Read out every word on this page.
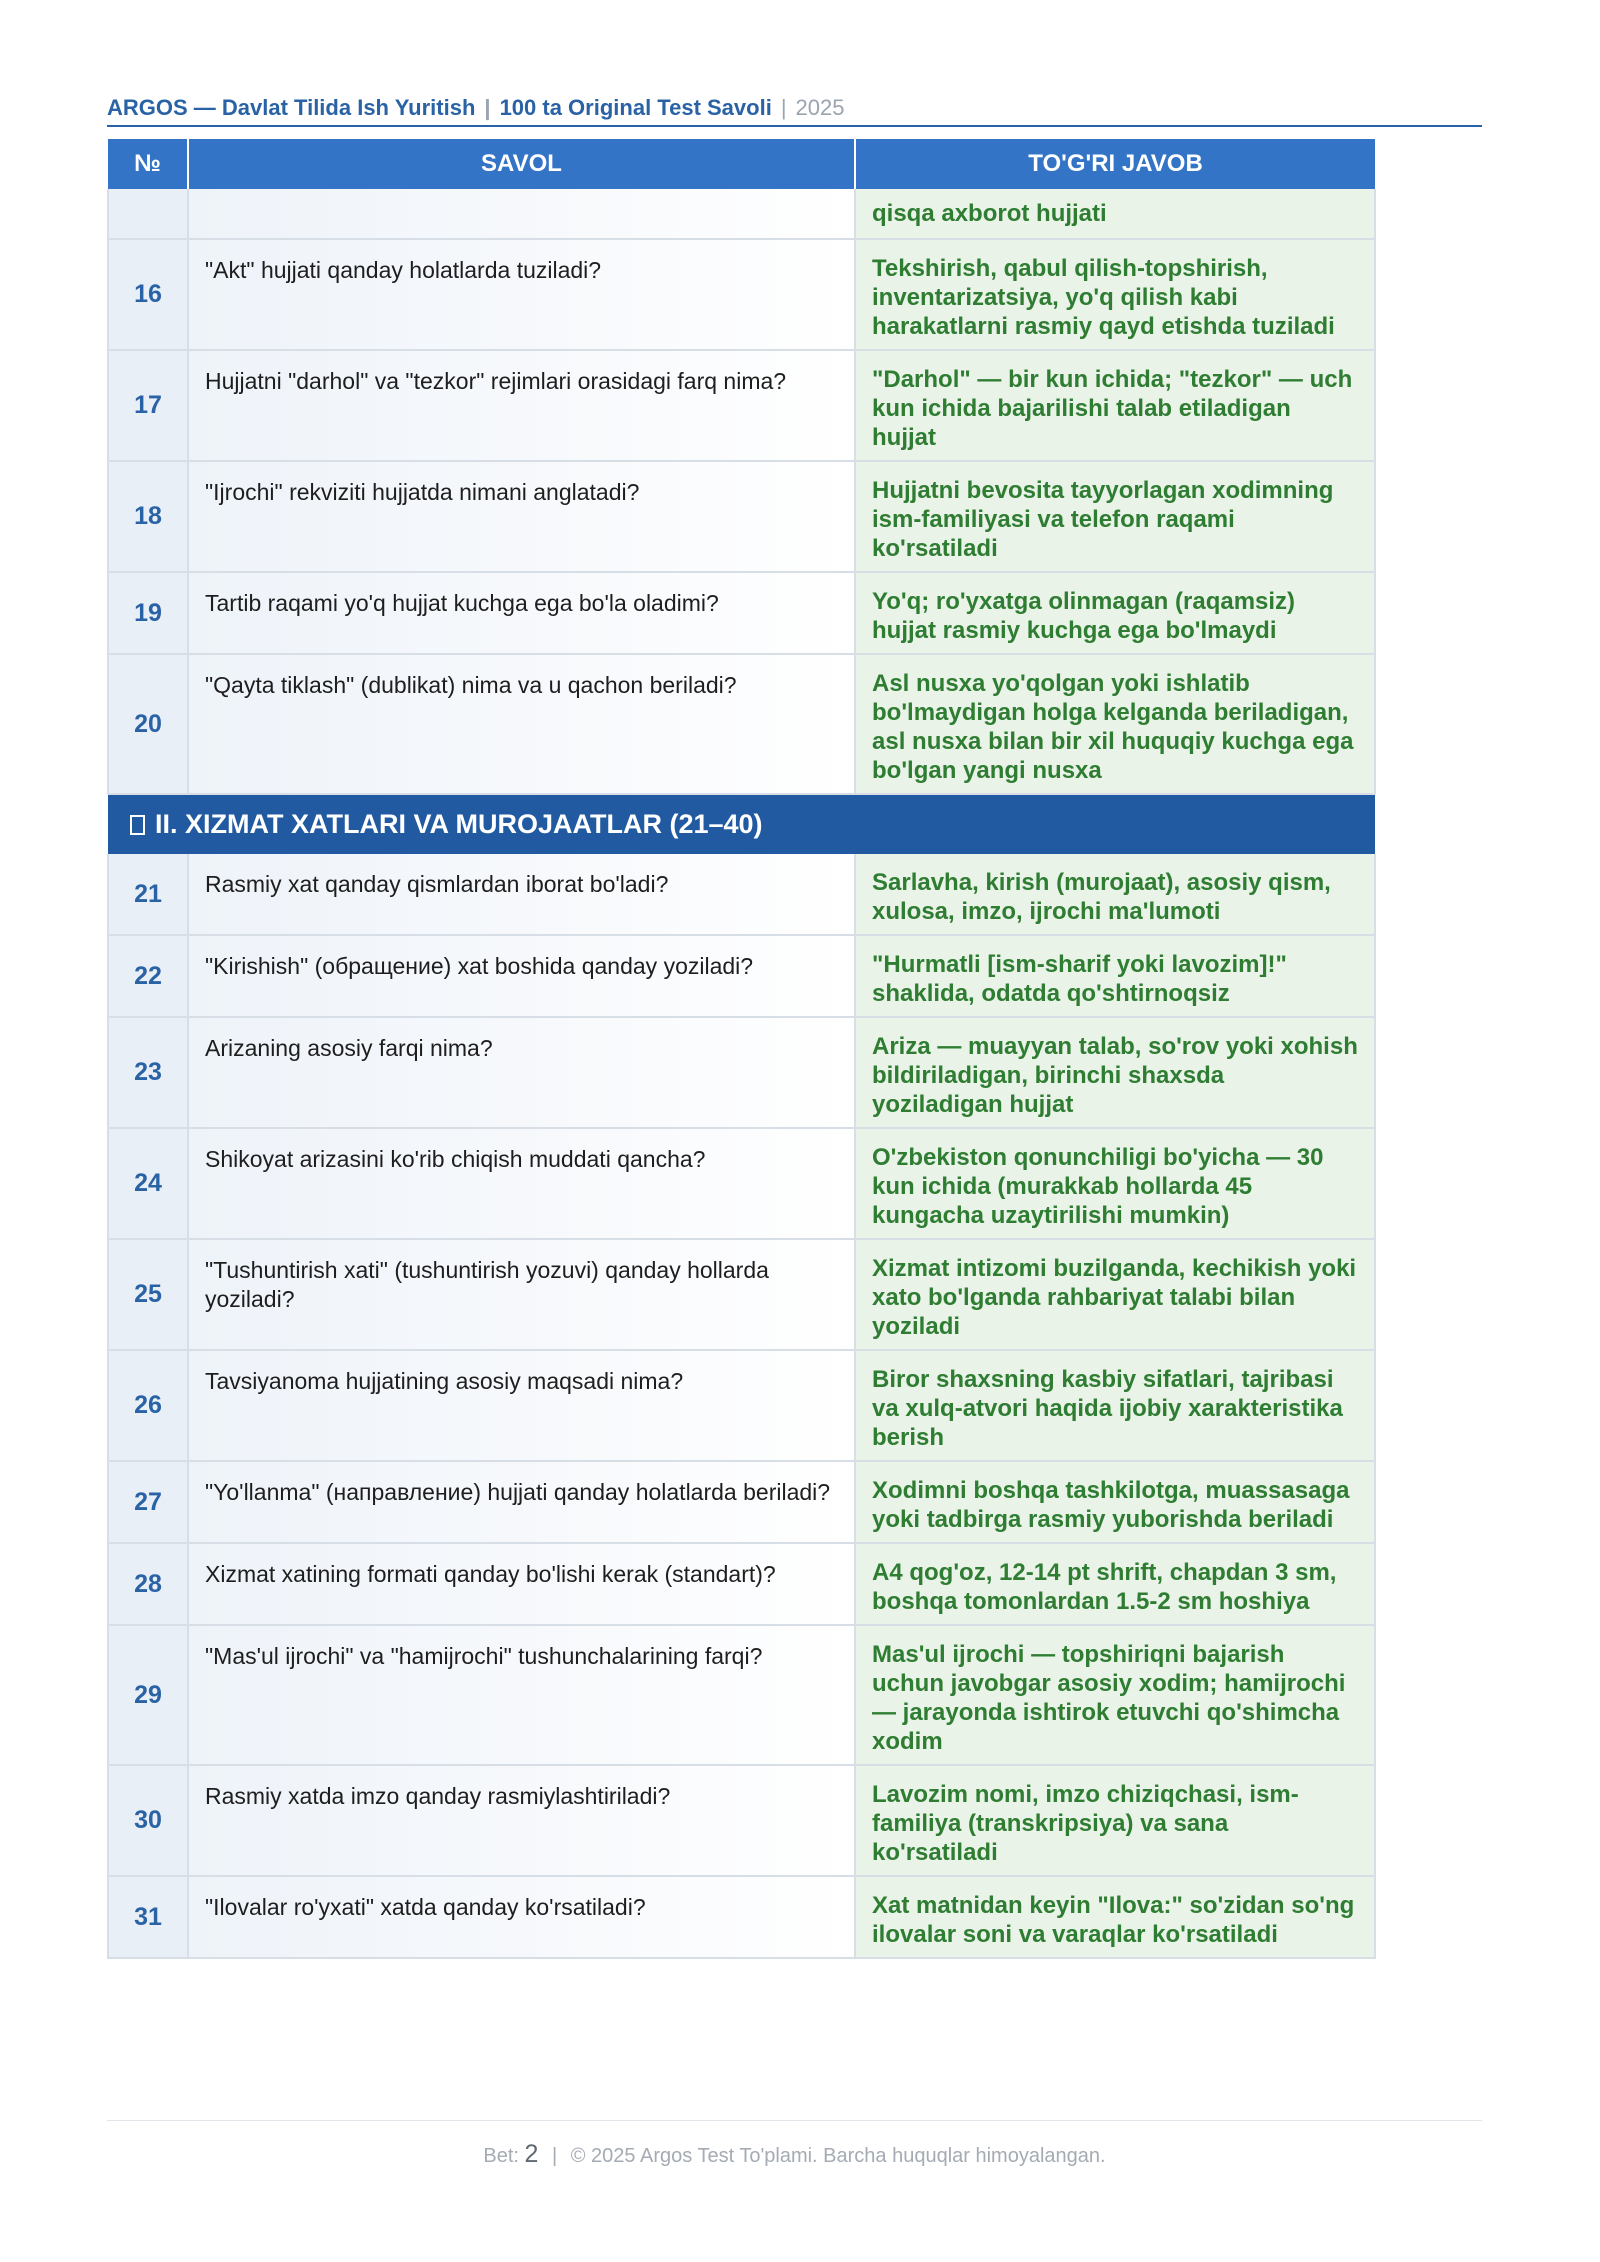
ARGOS — Davlat Tilida Ish Yuritish | 100 ta Original Test Savoli | 2025
№	SAVOL	TO'G'RI JAVOB
		qisqa axborot hujjati
16	"Akt" hujjati qanday holatlarda tuziladi?	Tekshirish, qabul qilish-topshirish, inventarizatsiya, yo'q qilish kabi harakatlarni rasmiy qayd etishda tuziladi
17	Hujjatni "darhol" va "tezkor" rejimlari orasidagi farq nima?	"Darhol" — bir kun ichida; "tezkor" — uch kun ichida bajarilishi talab etiladigan hujjat
18	"Ijrochi" rekviziti hujjatda nimani anglatadi?	Hujjatni bevosita tayyorlagan xodimning ism-familiyasi va telefon raqami ko'rsatiladi
19	Tartib raqami yo'q hujjat kuchga ega bo'la oladimi?	Yo'q; ro'yxatga olinmagan (raqamsiz) hujjat rasmiy kuchga ega bo'lmaydi
20	"Qayta tiklash" (dublikat) nima va u qachon beriladi?	Asl nusxa yo'qolgan yoki ishlatib bo'lmaydigan holga kelganda beriladigan, asl nusxa bilan bir xil huquqiy kuchga ega bo'lgan yangi nusxa
II. XIZMAT XATLARI VA MUROJAATLAR (21–40)		
21	Rasmiy xat qanday qismlardan iborat bo'ladi?	Sarlavha, kirish (murojaat), asosiy qism, xulosa, imzo, ijrochi ma'lumoti
22	"Kirishish" (обращение) xat boshida qanday yoziladi?	"Hurmatli [ism-sharif yoki lavozim]!" shaklida, odatda qo'shtirnoqsiz
23	Arizaning asosiy farqi nima?	Ariza — muayyan talab, so'rov yoki xohish bildiriladigan, birinchi shaxsda yoziladigan hujjat
24	Shikoyat arizasini ko'rib chiqish muddati qancha?	O'zbekiston qonunchiligi bo'yicha — 30 kun ichida (murakkab hollarda 45 kungacha uzaytirilishi mumkin)
25	"Tushuntirish xati" (tushuntirish yozuvi) qanday hollarda yoziladi?	Xizmat intizomi buzilganda, kechikish yoki xato bo'lganda rahbariyat talabi bilan yoziladi
26	Tavsiyanoma hujjatining asosiy maqsadi nima?	Biror shaxsning kasbiy sifatlari, tajribasi va xulq-atvori haqida ijobiy xarakteristika berish
27	"Yo'llanma" (направление) hujjati qanday holatlarda beriladi?	Xodimni boshqa tashkilotga, muassasaga yoki tadbirga rasmiy yuborishda beriladi
28	Xizmat xatining formati qanday bo'lishi kerak (standart)?	A4 qog'oz, 12-14 pt shrift, chapdan 3 sm, boshqa tomonlardan 1.5-2 sm hoshiya
29	"Mas'ul ijrochi" va "hamijrochi" tushunchalarining farqi?	Mas'ul ijrochi — topshiriqni bajarish uchun javobgar asosiy xodim; hamijrochi — jarayonda ishtirok etuvchi qo'shimcha xodim
30	Rasmiy xatda imzo qanday rasmiylashtiriladi?	Lavozim nomi, imzo chiziqchasi, ism-familiya (transkripsiya) va sana ko'rsatiladi
31	"Ilovalar ro'yxati" xatda qanday ko'rsatiladi?	Xat matnidan keyin "Ilova:" so'zidan so'ng ilovalar soni va varaqlar ko'rsatiladi
Bet: 2 | © 2025 Argos Test To'plami. Barcha huquqlar himoyalangan.
